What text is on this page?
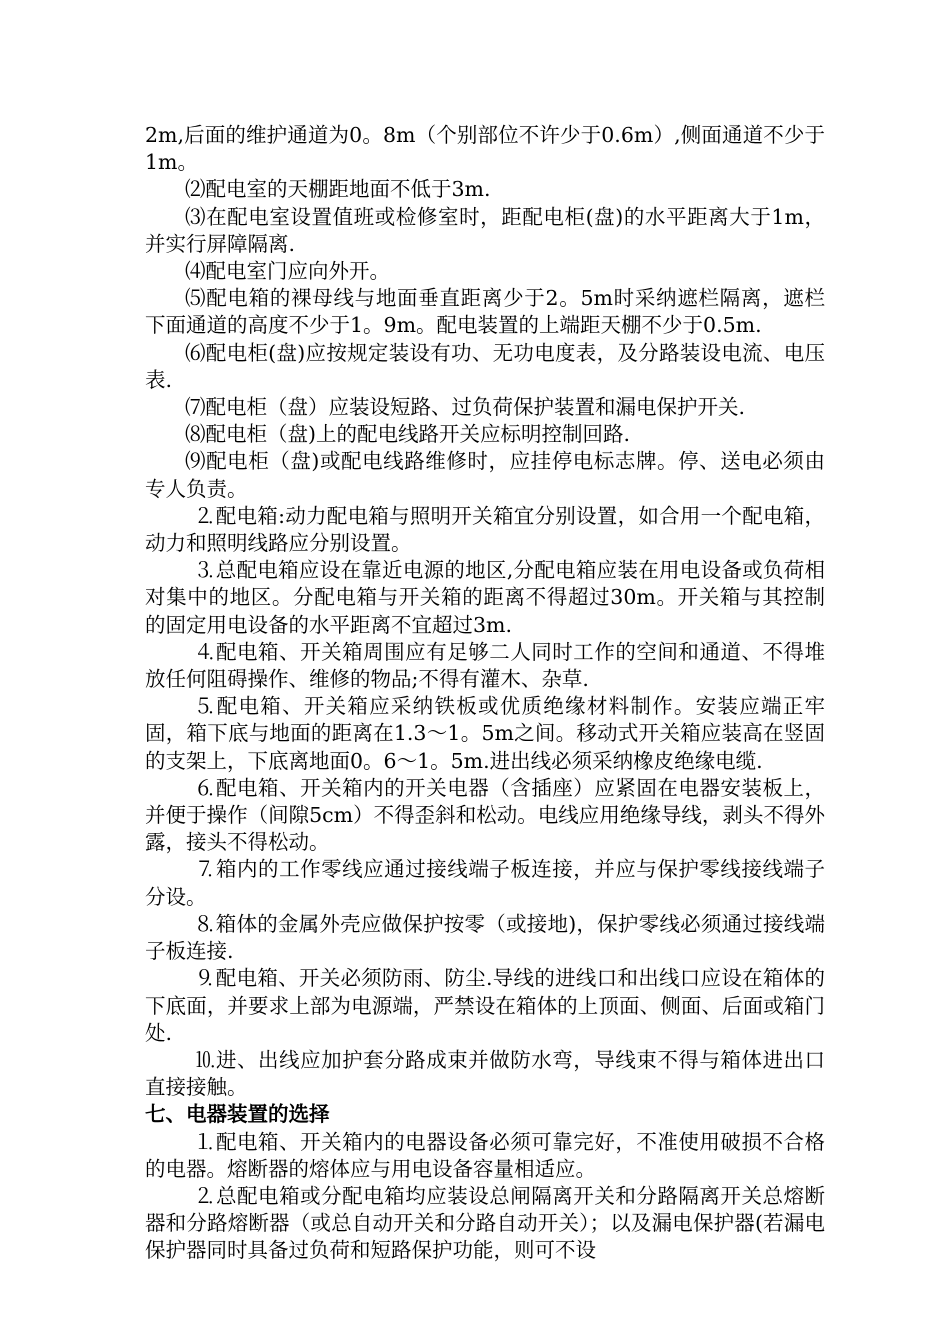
2m,后面的维护通道为0。8m（个别部位不许少于0.6m）,侧面通道不少于1m。

⑵配电室的天棚距地面不低于3m.

⑶在配电室设置值班或检修室时，距配电柜(盘)的水平距离大于1m，并实行屏障隔离.

⑷配电室门应向外开。

⑸配电箱的裸母线与地面垂直距离少于2。5m时采纳遮栏隔离，遮栏下面通道的高度不少于1。9m。配电装置的上端距天棚不少于0.5m.

⑹配电柜(盘)应按规定装设有功、无功电度表，及分路装设电流、电压表.

⑺配电柜（盘）应装设短路、过负荷保护装置和漏电保护开关.

⑻配电柜（盘)上的配电线路开关应标明控制回路.

⑼配电柜（盘)或配电线路维修时，应挂停电标志牌。停、送电必须由专人负责。

⒉配电箱:动力配电箱与照明开关箱宜分别设置，如合用一个配电箱，动力和照明线路应分别设置。

⒊总配电箱应设在靠近电源的地区,分配电箱应装在用电设备或负荷相对集中的地区。分配电箱与开关箱的距离不得超过30m。开关箱与其控制的固定用电设备的水平距离不宜超过3m.

⒋配电箱、开关箱周围应有足够二人同时工作的空间和通道、不得堆放任何阻碍操作、维修的物品;不得有灌木、杂草.

⒌配电箱、开关箱应采纳铁板或优质绝缘材料制作。安装应端正牢固，箱下底与地面的距离在1.3～1。5m之间。移动式开关箱应装高在竖固的支架上，下底离地面0。6～1。5m.进出线必须采纳橡皮绝缘电缆.

⒍配电箱、开关箱内的开关电器（含插座）应紧固在电器安装板上，并便于操作（间隙5cm）不得歪斜和松动。电线应用绝缘导线，剥头不得外露，接头不得松动。

⒎箱内的工作零线应通过接线端子板连接，并应与保护零线接线端子分设。

⒏箱体的金属外壳应做保护按零（或接地)，保护零线必须通过接线端子板连接.

⒐配电箱、开关必须防雨、防尘.导线的进线口和出线口应设在箱体的下底面，并要求上部为电源端，严禁设在箱体的上顶面、侧面、后面或箱门处.

⒑进、出线应加护套分路成束并做防水弯，导线束不得与箱体进出口直接接触。

七、电器装置的选择

⒈配电箱、开关箱内的电器设备必须可靠完好，不准使用破损不合格的电器。熔断器的熔体应与用电设备容量相适应。

⒉总配电箱或分配电箱均应装设总闸隔离开关和分路隔离开关总熔断器和分路熔断器（或总自动开关和分路自动开关）；以及漏电保护器(若漏电保护器同时具备过负荷和短路保护功能，则可不设
